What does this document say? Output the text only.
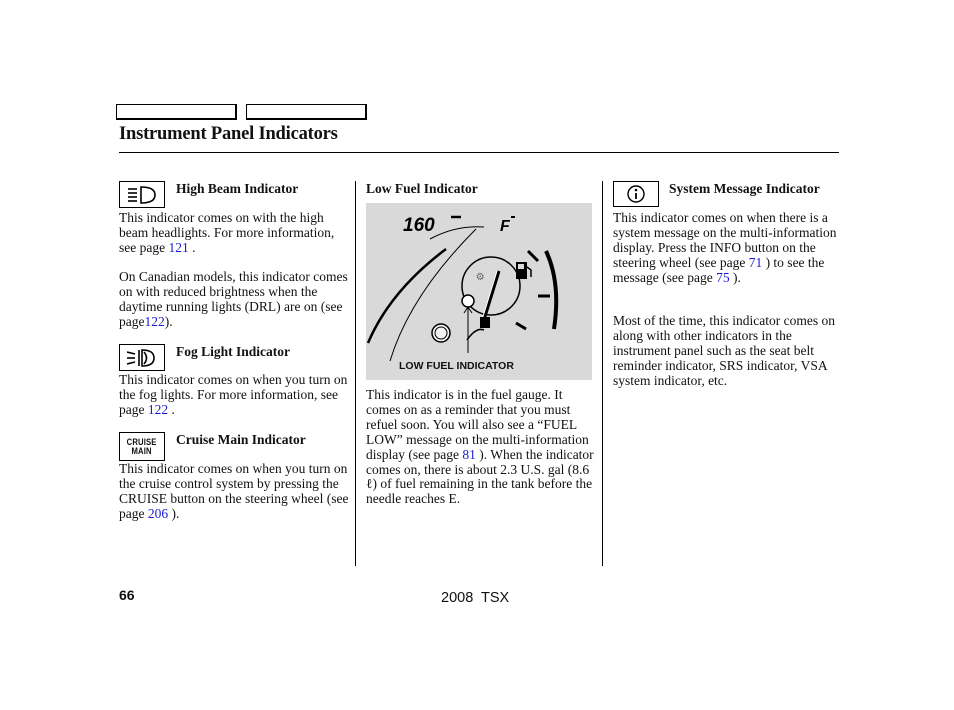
Instrument Panel Indicators
High Beam Indicator

This indicator comes on with the high beam headlights. For more information, see page 121 .

On Canadian models, this indicator comes on with reduced brightness when the daytime running lights (DRL) are on (see page122).

Fog Light Indicator

This indicator comes on when you turn on the fog lights. For more information, see page 122 .

CRUISE
MAIN
Cruise Main Indicator

This indicator comes on when you turn on the cruise control system by pressing the CRUISE button on the steering wheel (see page 206 ).

Low Fuel Indicator
160	F
⚙

LOW FUEL INDICATOR

This indicator is in the fuel gauge. It comes on as a reminder that you must refuel soon. You will also see a “FUEL LOW” message on the multi-information display (see page 81 ). When the indicator comes on, there is about 2.3 U.S. gal (8.6 ℓ) of fuel remaining in the tank before the needle reaches E.

System Message Indicator

This indicator comes on when there is a system message on the multi-information display. Press the INFO button on the steering wheel (see page 71 ) to see the message (see page 75 ).

Most of the time, this indicator comes on along with other indicators in the instrument panel such as the seat belt reminder indicator, SRS indicator, VSA system indicator, etc.

66	2008 TSX
